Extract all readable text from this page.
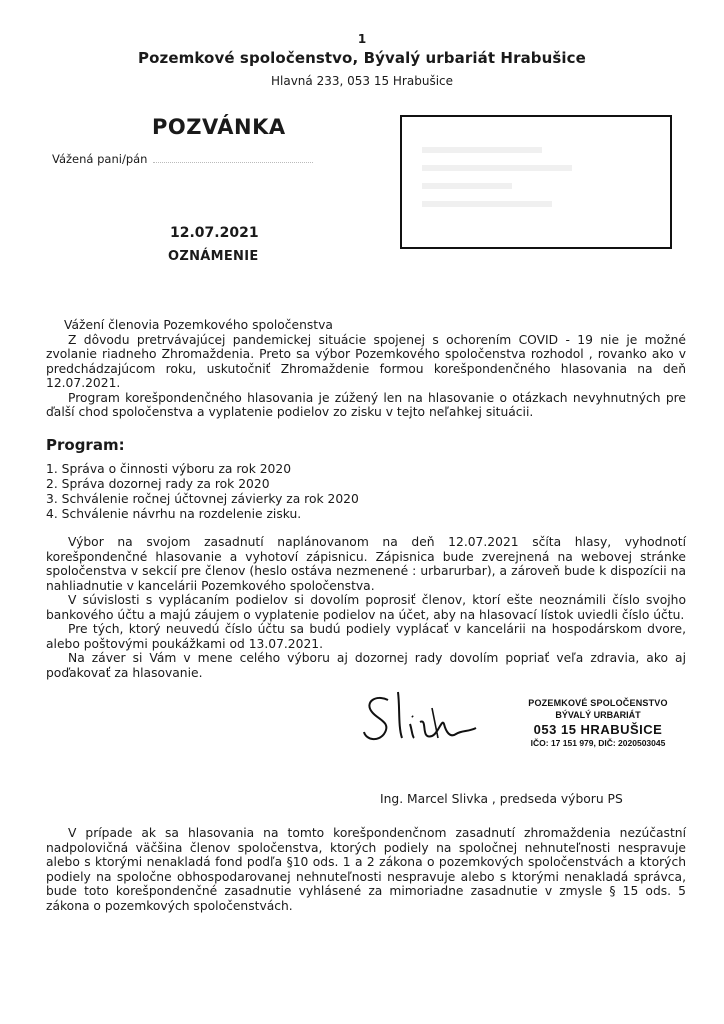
1
Pozemkové spoločenstvo, Bývalý urbariát Hrabušice
Hlavná 233, 053 15 Hrabušice
POZVÁNKA
Vážená pani/pán
12.07.2021
OZNÁMENIE

Vážení členovia Pozemkového spoločenstva

Z dôvodu pretrvávajúcej pandemickej situácie spojenej s ochorením COVID - 19 nie je možné zvolanie riadneho Zhromaždenia. Preto sa výbor Pozemkového spoločenstva rozhodol , rovanko ako v predchádzajúcom roku, uskutočniť Zhromaždenie formou korešpondenčného hlasovania na deň 12.07.2021.

Program korešpondenčného hlasovania je zúžený len na hlasovanie o otázkach nevyhnutných pre ďalší chod spoločenstva a vyplatenie podielov zo zisku v tejto neľahkej situácii.

Program:
1. Správa o činnosti výboru za rok 2020
2. Správa dozornej rady za rok 2020
3. Schválenie ročnej účtovnej závierky za rok 2020
4. Schválenie návrhu na rozdelenie zisku.

Výbor na svojom zasadnutí naplánovanom na deň 12.07.2021 sčíta hlasy, vyhodnotí korešpondenčné hlasovanie a vyhotoví zápisnicu. Zápisnica bude zverejnená na webovej stránke spoločenstva v sekcií pre členov (heslo ostáva nezmenené : urbarurbar), a zároveň bude k dispozícii na nahliadnutie v kancelárii Pozemkového spoločenstva.

V súvislosti s vyplácaním podielov si dovolím poprosiť členov, ktorí ešte neoznámili číslo svojho bankového účtu a majú záujem o vyplatenie podielov na účet, aby na hlasovací lístok uviedli číslo účtu.

Pre tých, ktorý neuvedú číslo účtu sa budú podiely vyplácať v kancelárii na hospodárskom dvore, alebo poštovými poukážkami od 13.07.2021.

Na záver si Vám v mene celého výboru aj dozornej rady dovolím popriať veľa zdravia, ako aj poďakovať za hlasovanie.

POZEMKOVÉ SPOLOČENSTVO
BÝVALÝ URBARIÁT
053 15 HRABUŠICE
IČO: 17 151 979, DIČ: 2020503045
Ing. Marcel Slivka , predseda výboru PS

V prípade ak sa hlasovania na tomto korešpondenčnom zasadnutí zhromaždenia nezúčastní nadpolovičná väčšina členov spoločenstva, ktorých podiely na spoločnej nehnuteľnosti nespravuje alebo s ktorými nenakladá fond podľa §10 ods. 1 a 2 zákona o pozemkových spoločenstvách a ktorých podiely na spoločne obhospodarovanej nehnuteľnosti nespravuje alebo s ktorými nenakladá správca, bude toto korešpondenčné zasadnutie vyhlásené za mimoriadne zasadnutie v zmysle § 15 ods. 5 zákona o pozemkových spoločenstvách.
